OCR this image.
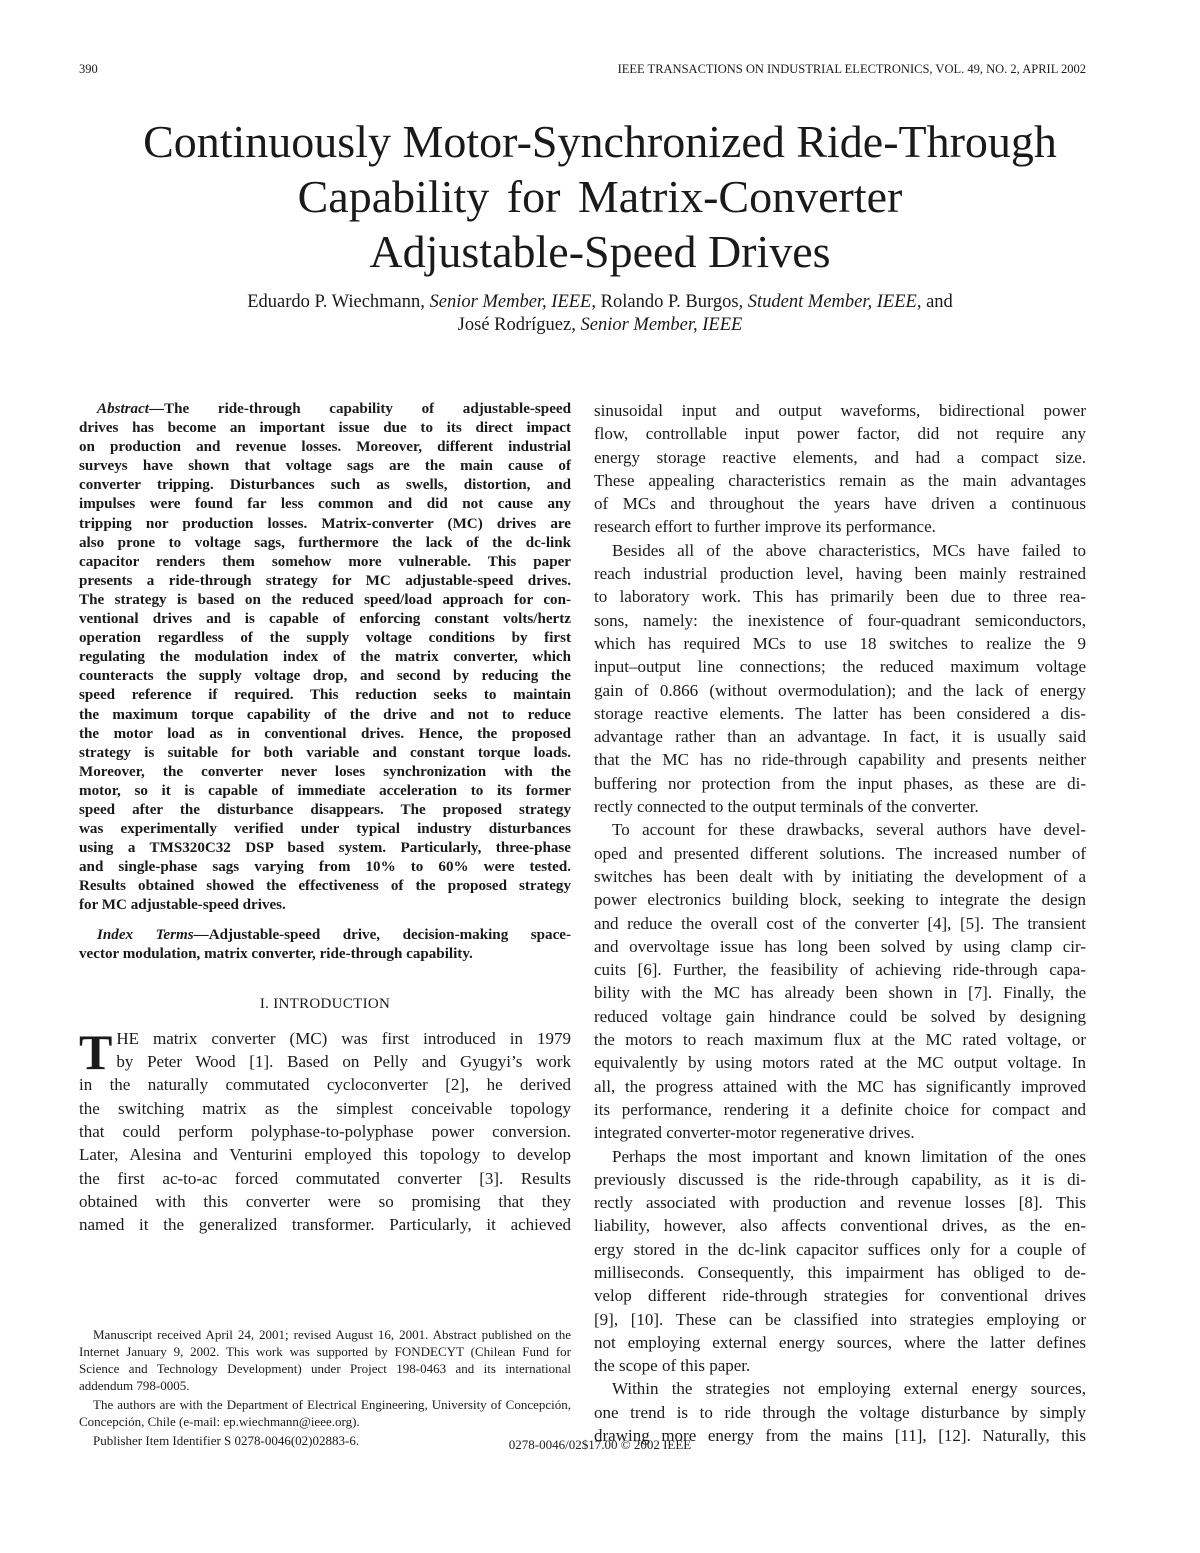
390	IEEE TRANSACTIONS ON INDUSTRIAL ELECTRONICS, VOL. 49, NO. 2, APRIL 2002
Continuously Motor-Synchronized Ride-Through
Capability for Matrix-Converter
Adjustable-Speed Drives
Eduardo P. Wiechmann, Senior Member, IEEE, Rolando P. Burgos, Student Member, IEEE, and
José Rodríguez, Senior Member, IEEE
Abstract—The ride-through capability of adjustable-speed
drives has become an important issue due to its direct impact
on production and revenue losses. Moreover, different industrial
surveys have shown that voltage sags are the main cause of
converter tripping. Disturbances such as swells, distortion, and
impulses were found far less common and did not cause any
tripping nor production losses. Matrix-converter (MC) drives are
also prone to voltage sags, furthermore the lack of the dc-link
capacitor renders them somehow more vulnerable. This paper
presents a ride-through strategy for MC adjustable-speed drives.
The strategy is based on the reduced speed/load approach for con-
ventional drives and is capable of enforcing constant volts/hertz
operation regardless of the supply voltage conditions by first
regulating the modulation index of the matrix converter, which
counteracts the supply voltage drop, and second by reducing the
speed reference if required. This reduction seeks to maintain
the maximum torque capability of the drive and not to reduce
the motor load as in conventional drives. Hence, the proposed
strategy is suitable for both variable and constant torque loads.
Moreover, the converter never loses synchronization with the
motor, so it is capable of immediate acceleration to its former
speed after the disturbance disappears. The proposed strategy
was experimentally verified under typical industry disturbances
using a TMS320C32 DSP based system. Particularly, three-phase
and single-phase sags varying from 10% to 60% were tested.
Results obtained showed the effectiveness of the proposed strategy
for MC adjustable-speed drives.
Index Terms—Adjustable-speed drive, decision-making space-
vector modulation, matrix converter, ride-through capability.
I. INTRODUCTION
T HE matrix converter (MC) was first introduced in 1979
by Peter Wood [1]. Based on Pelly and Gyugyi’s work
in the naturally commutated cycloconverter [2], he derived
the switching matrix as the simplest conceivable topology
that could perform polyphase-to-polyphase power conversion.
Later, Alesina and Venturini employed this topology to develop
the first ac-to-ac forced commutated converter [3]. Results
obtained with this converter were so promising that they
named it the generalized transformer. Particularly, it achieved
Manuscript received April 24, 2001; revised August 16, 2001. Abstract published on the Internet January 9, 2002. This work was supported by FONDECYT (Chilean Fund for Science and Technology Development) under Project 198-0463 and its international addendum 798-0005.
The authors are with the Department of Electrical Engineering, University of Concepción, Concepción, Chile (e-mail: ep.wiechmann@ieee.org).
Publisher Item Identifier S 0278-0046(02)02883-6.
sinusoidal input and output waveforms, bidirectional power
flow, controllable input power factor, did not require any
energy storage reactive elements, and had a compact size.
These appealing characteristics remain as the main advantages
of MCs and throughout the years have driven a continuous
research effort to further improve its performance.
Besides all of the above characteristics, MCs have failed to
reach industrial production level, having been mainly restrained
to laboratory work. This has primarily been due to three rea-
sons, namely: the inexistence of four-quadrant semiconductors,
which has required MCs to use 18 switches to realize the 9
input–output line connections; the reduced maximum voltage
gain of 0.866 (without overmodulation); and the lack of energy
storage reactive elements. The latter has been considered a dis-
advantage rather than an advantage. In fact, it is usually said
that the MC has no ride-through capability and presents neither
buffering nor protection from the input phases, as these are di-
rectly connected to the output terminals of the converter.
To account for these drawbacks, several authors have devel-
oped and presented different solutions. The increased number of
switches has been dealt with by initiating the development of a
power electronics building block, seeking to integrate the design
and reduce the overall cost of the converter [4], [5]. The transient
and overvoltage issue has long been solved by using clamp cir-
cuits [6]. Further, the feasibility of achieving ride-through capa-
bility with the MC has already been shown in [7]. Finally, the
reduced voltage gain hindrance could be solved by designing
the motors to reach maximum flux at the MC rated voltage, or
equivalently by using motors rated at the MC output voltage. In
all, the progress attained with the MC has significantly improved
its performance, rendering it a definite choice for compact and
integrated converter-motor regenerative drives.
Perhaps the most important and known limitation of the ones
previously discussed is the ride-through capability, as it is di-
rectly associated with production and revenue losses [8]. This
liability, however, also affects conventional drives, as the en-
ergy stored in the dc-link capacitor suffices only for a couple of
milliseconds. Consequently, this impairment has obliged to de-
velop different ride-through strategies for conventional drives
[9], [10]. These can be classified into strategies employing or
not employing external energy sources, where the latter defines
the scope of this paper.
Within the strategies not employing external energy sources,
one trend is to ride through the voltage disturbance by simply
drawing more energy from the mains [11], [12]. Naturally, this
0278-0046/02$17.00 © 2002 IEEE
